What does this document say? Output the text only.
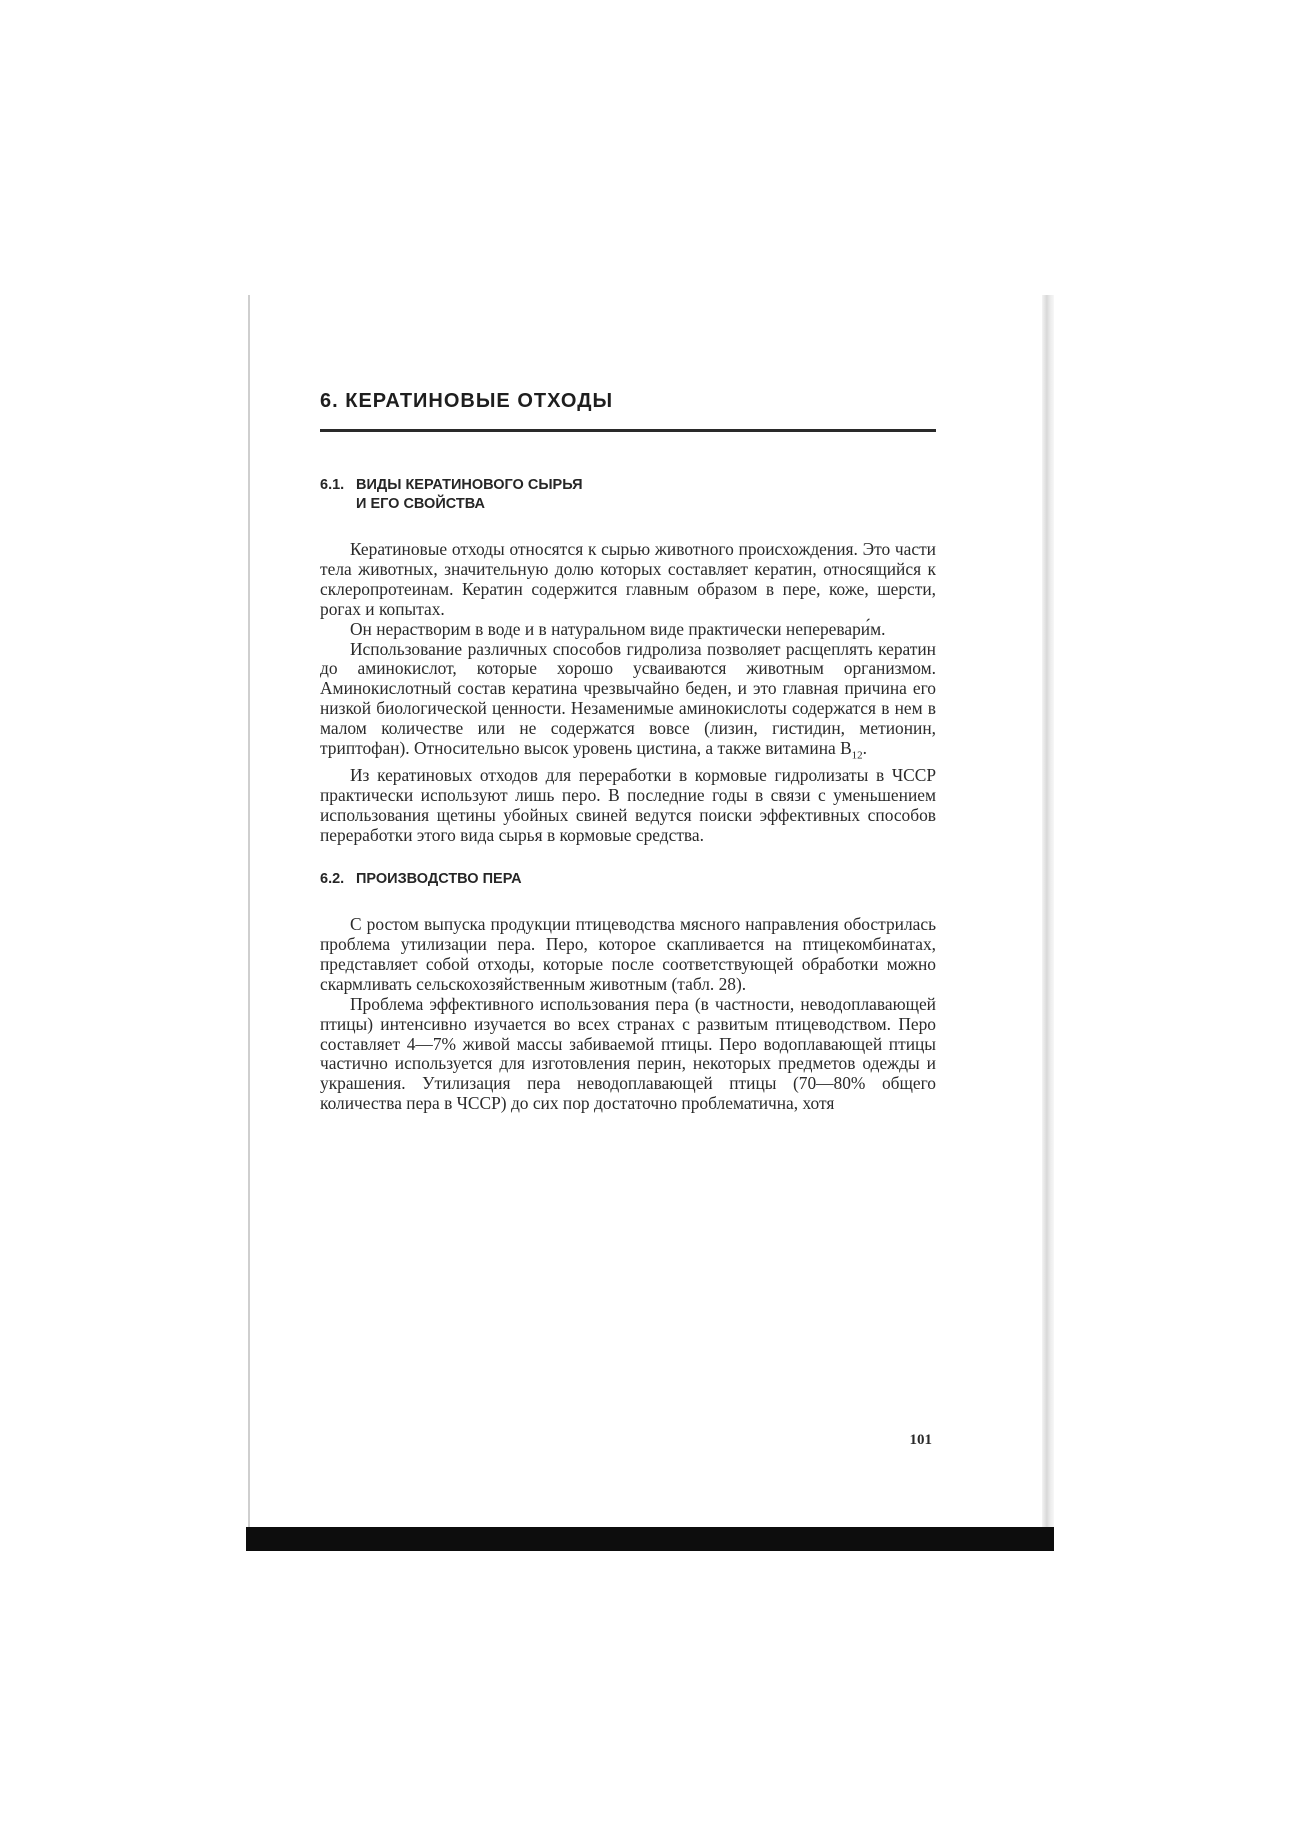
6. КЕРАТИНОВЫЕ ОТХОДЫ
6.1. ВИДЫ КЕРАТИНОВОГО СЫРЬЯ
И ЕГО СВОЙСТВА

Кератиновые отходы относятся к сырью животного происхождения. Это части тела животных, значительную долю которых составляет кератин, относящийся к склеропротеинам. Кератин содержится главным образом в пере, коже, шерсти, рогах и копытах.

Он нерастворим в воде и в натуральном виде практически неперевари́м.

Использование различных способов гидролиза позволяет расщеплять кератин до аминокислот, которые хорошо усваиваются животным организмом. Аминокислотный состав кератина чрезвычайно беден, и это главная причина его низкой биологической ценности. Незаменимые аминокислоты содержатся в нем в малом количестве или не содержатся вовсе (лизин, гистидин, метионин, триптофан). Относительно высок уровень цистина, а также витамина $B_{12}$.

Из кератиновых отходов для переработки в кормовые гидролизаты в ЧССР практически используют лишь перо. В последние годы в связи с уменьшением использования щетины убойных свиней ведутся поиски эффективных способов переработки этого вида сырья в кормовые средства.

6.2. ПРОИЗВОДСТВО ПЕРА

С ростом выпуска продукции птицеводства мясного направления обострилась проблема утилизации пера. Перо, которое скапливается на птицекомбинатах, представляет собой отходы, которые после соответствующей обработки можно скармливать сельскохозяйственным животным (табл. 28).

Проблема эффективного использования пера (в частности, неводоплавающей птицы) интенсивно изучается во всех странах с развитым птицеводством. Перо составляет 4—7% живой массы забиваемой птицы. Перо водоплавающей птицы частично используется для изготовления перин, некоторых предметов одежды и украшения. Утилизация пера неводоплавающей птицы (70—80% общего количества пера в ЧССР) до сих пор достаточно проблематична, хотя

101
